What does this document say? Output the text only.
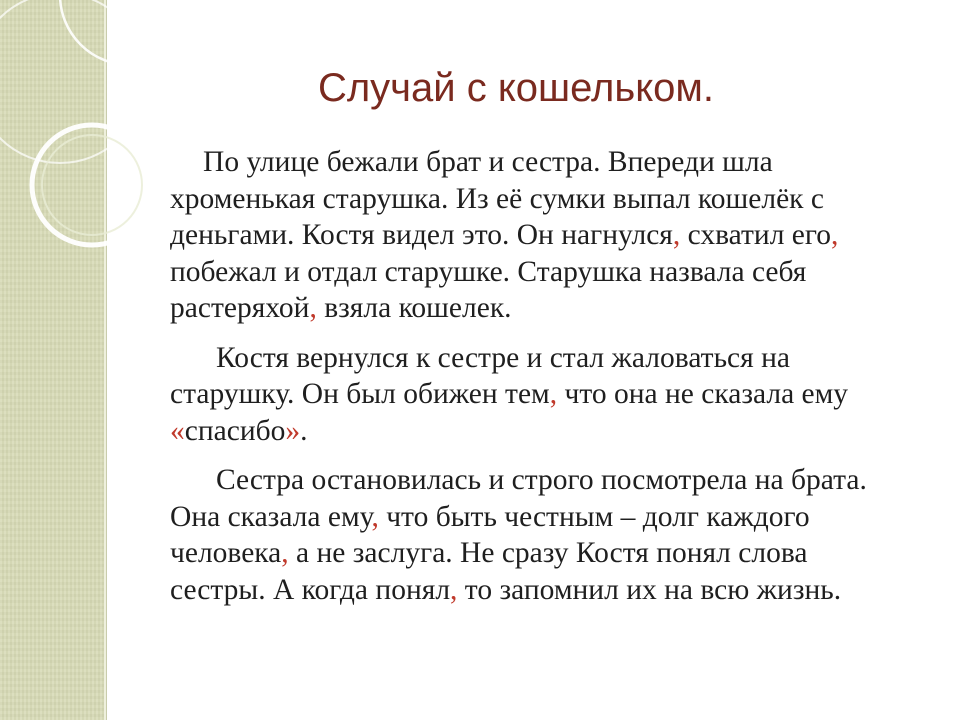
Случай с кошельком.

По улице бежали брат и сестра. Впереди шла
хроменькая старушка. Из её сумки выпал кошелёк с
деньгами. Костя видел это. Он нагнулся, схватил его,
побежал и отдал старушке. Старушка назвала себя
растеряхой, взяла кошелек.

Костя вернулся к сестре и стал жаловаться на
старушку. Он был обижен тем, что она не сказала ему
«спасибо».

Сестра остановилась и строго посмотрела на брата.
Она сказала ему, что быть честным – долг каждого
человека, а не заслуга. Не сразу Костя понял слова
сестры. А когда понял, то запомнил их на всю жизнь.
